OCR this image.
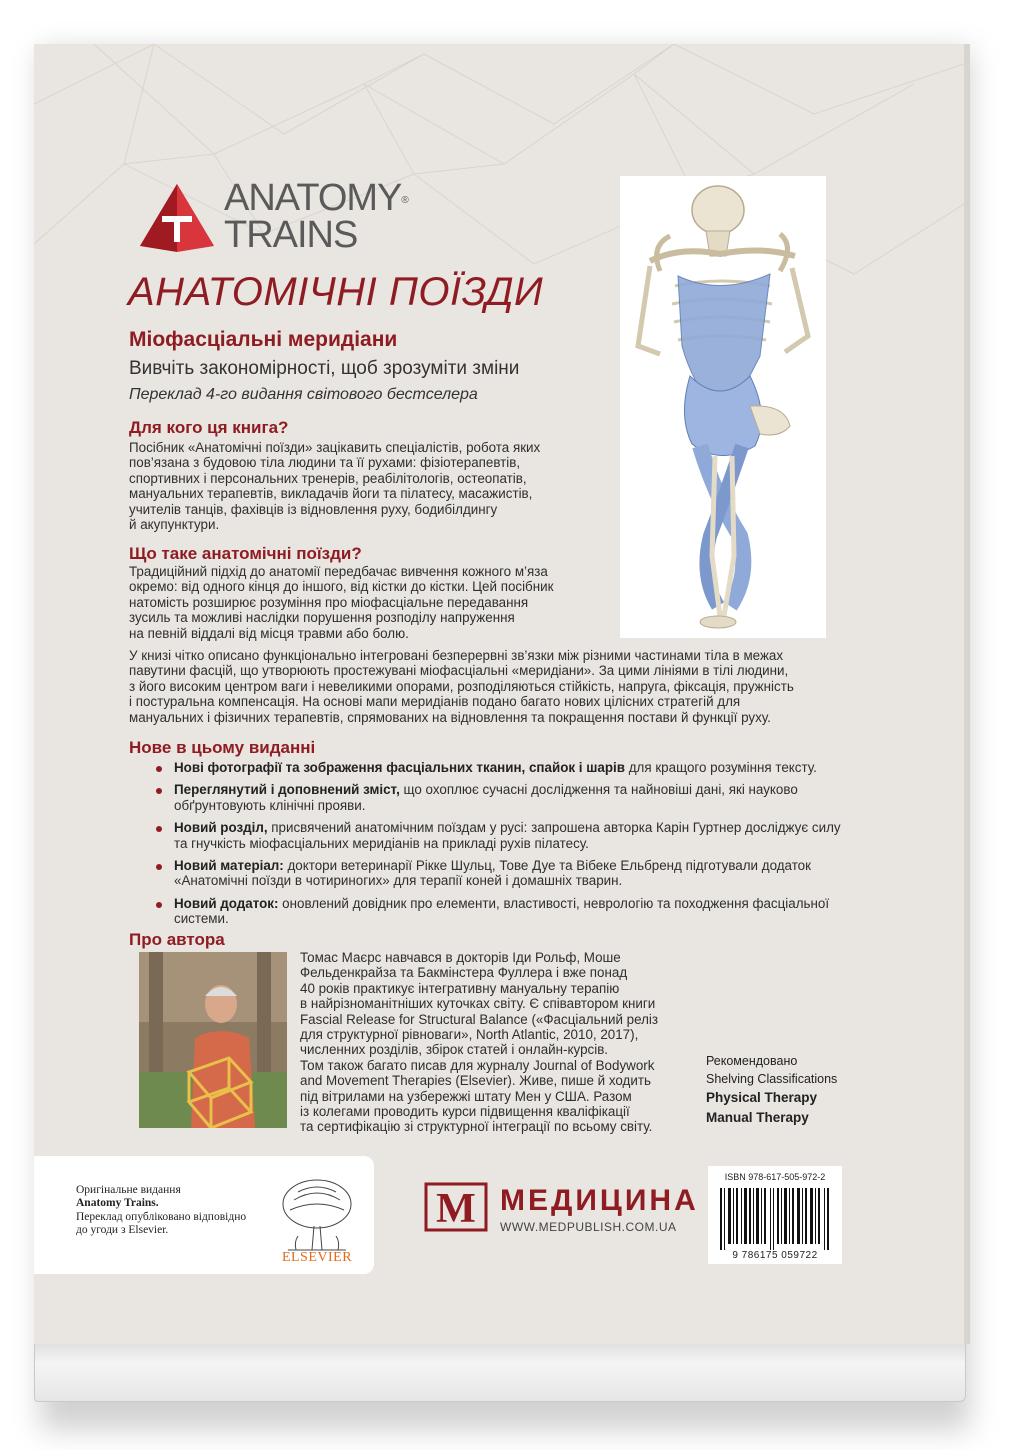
ANATOMY®
TRAINS
АНАТОМІЧНІ ПОЇЗДИ
Міофасціальні меридіани
Вивчіть закономірності, щоб зрозуміти зміни
Переклад 4-го видання світового бестселера
Для кого ця книга?
Посібник «Анатомічні поїзди» зацікавить спеціалістів, робота яких
пов’язана з будовою тіла людини та її рухами: фізіотерапевтів,
спортивних і персональних тренерів, реабілітологів, остеопатів,
мануальних терапевтів, викладачів йоги та пілатесу, масажистів,
учителів танців, фахівців із відновлення руху, бодибілдингу
й акупунктури.
Що таке анатомічні поїзди?
Традиційний підхід до анатомії передбачає вивчення кожного м’яза
окремо: від одного кінця до іншого, від кістки до кістки. Цей посібник
натомість розширює розуміння про міофасціальне передавання
зусиль та можливі наслідки порушення розподілу напруження
на певній віддалі від місця травми або болю.
У книзі чітко описано функціонально інтегровані безперервні зв’язки між різними частинами тіла в межах
павутини фасцій, що утворюють простежувані міофасціальні «меридіани». За цими лініями в тілі людини,
з його високим центром ваги і невеликими опорами, розподіляються стійкість, напруга, фіксація, пружність
і постуральна компенсація. На основі мапи меридіанів подано багато нових цілісних стратегій для
мануальних і фізичних терапевтів, спрямованих на відновлення та покращення постави й функції руху.
Нове в цьому виданні
Нові фотографії та зображення фасціальних тканин, спайок і шарів для кращого розуміння тексту.
Переглянутий і доповнений зміст, що охоплює сучасні дослідження та найновіші дані, які науково обґрунтовують клінічні прояви.
Новий розділ, присвячений анатомічним поїздам у русі: запрошена авторка Карін Гуртнер досліджує силу та гнучкість міофасціальних меридіанів на прикладі рухів пілатесу.
Новий матеріал: доктори ветеринарії Рікке Шульц, Тове Дуе та Вібеке Ельбренд підготували додаток «Анатомічні поїзди в чотириногих» для терапії коней і домашніх тварин.
Новий додаток: оновлений довідник про елементи, властивості, неврологію та походження фасціальної системи.
Про автора
Томас Маєрс навчався в докторів Іди Рольф, Моше
Фельденкрайза та Бакмінстера Фуллера і вже понад
40 років практикує інтегративну мануальну терапію
в найрізноманітніших куточках світу. Є співавтором книги
Fascial Release for Structural Balance («Фасціальний реліз
для структурної рівноваги», North Atlantic, 2010, 2017),
численних розділів, збірок статей і онлайн-курсів.
Том також багато писав для журналу Journal of Bodywork
and Movement Therapies (Elsevier). Живе, пише й ходить
під вітрилами на узбережжі штату Мен у США. Разом
із колегами проводить курси підвищення кваліфікації
та сертифікацію зі структурної інтеграції по всьому світу.
Рекомендовано
Shelving Classifications
Physical Therapy
Manual Therapy
ISBN 978-617-505-972-2
9 786175 059722
М МЕДИЦИНА
WWW.MEDPUBLISH.COM.UA
Оригінальне видання
Anatomy Trains.
Переклад опубліковано відповідно
до угоди з Elsevier.
ELSEVIER
